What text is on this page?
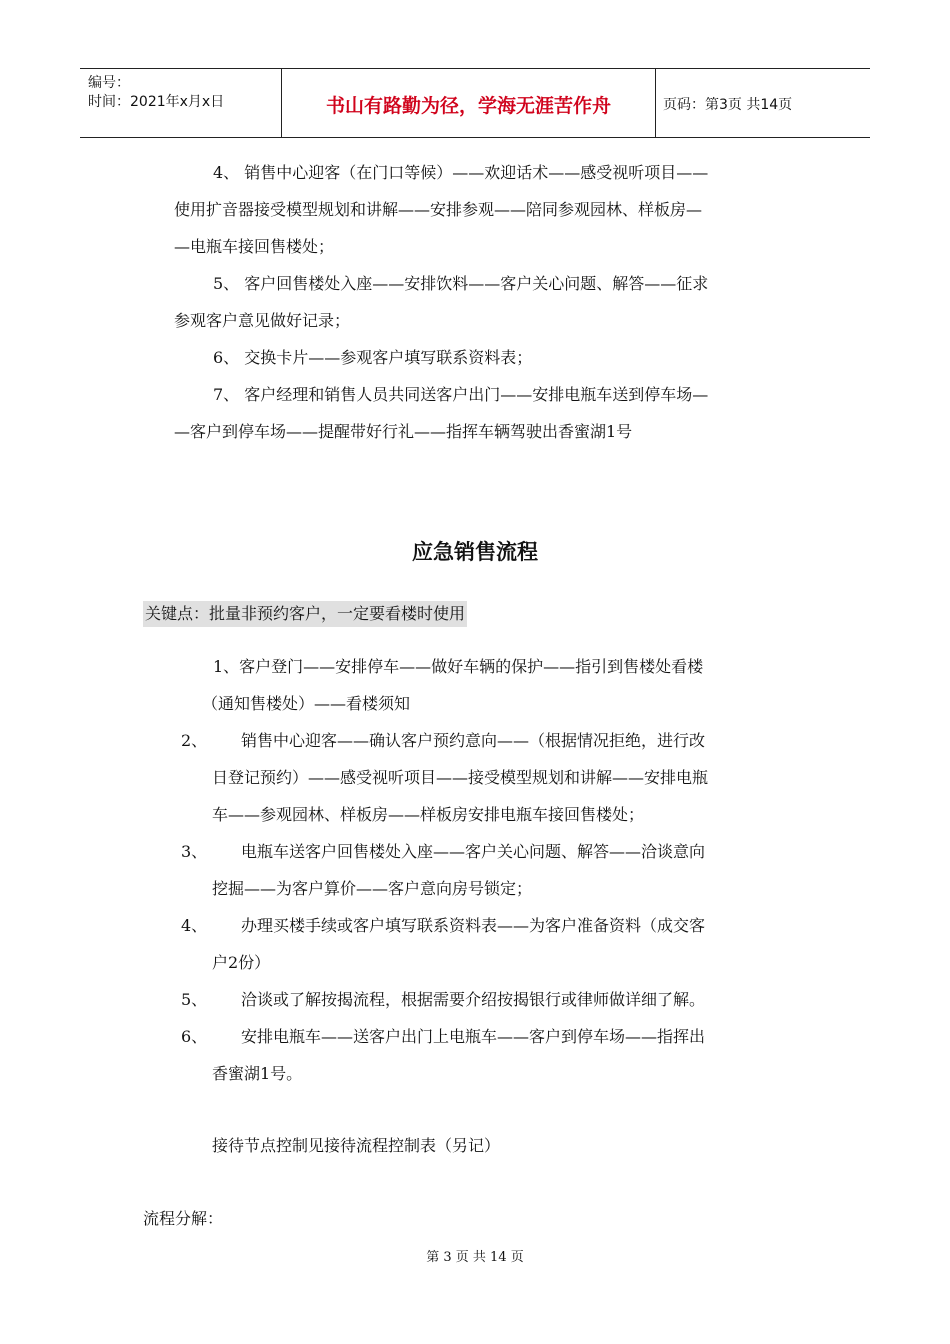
编号：
时间：2021年x月x日	书山有路勤为径，学海无涯苦作舟	页码：第3页 共14页
4、 销售中心迎客（在门口等候）——欢迎话术——感受视听项目——
使用扩音器接受模型规划和讲解——安排参观——陪同参观园林、样板房—
—电瓶车接回售楼处；
5、 客户回售楼处入座——安排饮料——客户关心问题、解答——征求
参观客户意见做好记录；
6、 交换卡片——参观客户填写联系资料表；
7、 客户经理和销售人员共同送客户出门——安排电瓶车送到停车场—
—客户到停车场——提醒带好行礼——指挥车辆驾驶出香蜜湖1号
应急销售流程
关键点：批量非预约客户，一定要看楼时使用
1、客户登门——安排停车——做好车辆的保护——指引到售楼处看楼
（通知售楼处）——看楼须知
2、 销售中心迎客——确认客户预约意向——（根据情况拒绝，进行改
日登记预约）——感受视听项目——接受模型规划和讲解——安排电瓶
车——参观园林、样板房——样板房安排电瓶车接回售楼处；
3、 电瓶车送客户回售楼处入座——客户关心问题、解答——洽谈意向
挖掘——为客户算价——客户意向房号锁定；
4、 办理买楼手续或客户填写联系资料表——为客户准备资料（成交客
户2份）
5、 洽谈或了解按揭流程，根据需要介绍按揭银行或律师做详细了解。
6、 安排电瓶车——送客户出门上电瓶车——客户到停车场——指挥出
香蜜湖1号。
接待节点控制见接待流程控制表（另记）
流程分解：
第 3 页 共 14 页
